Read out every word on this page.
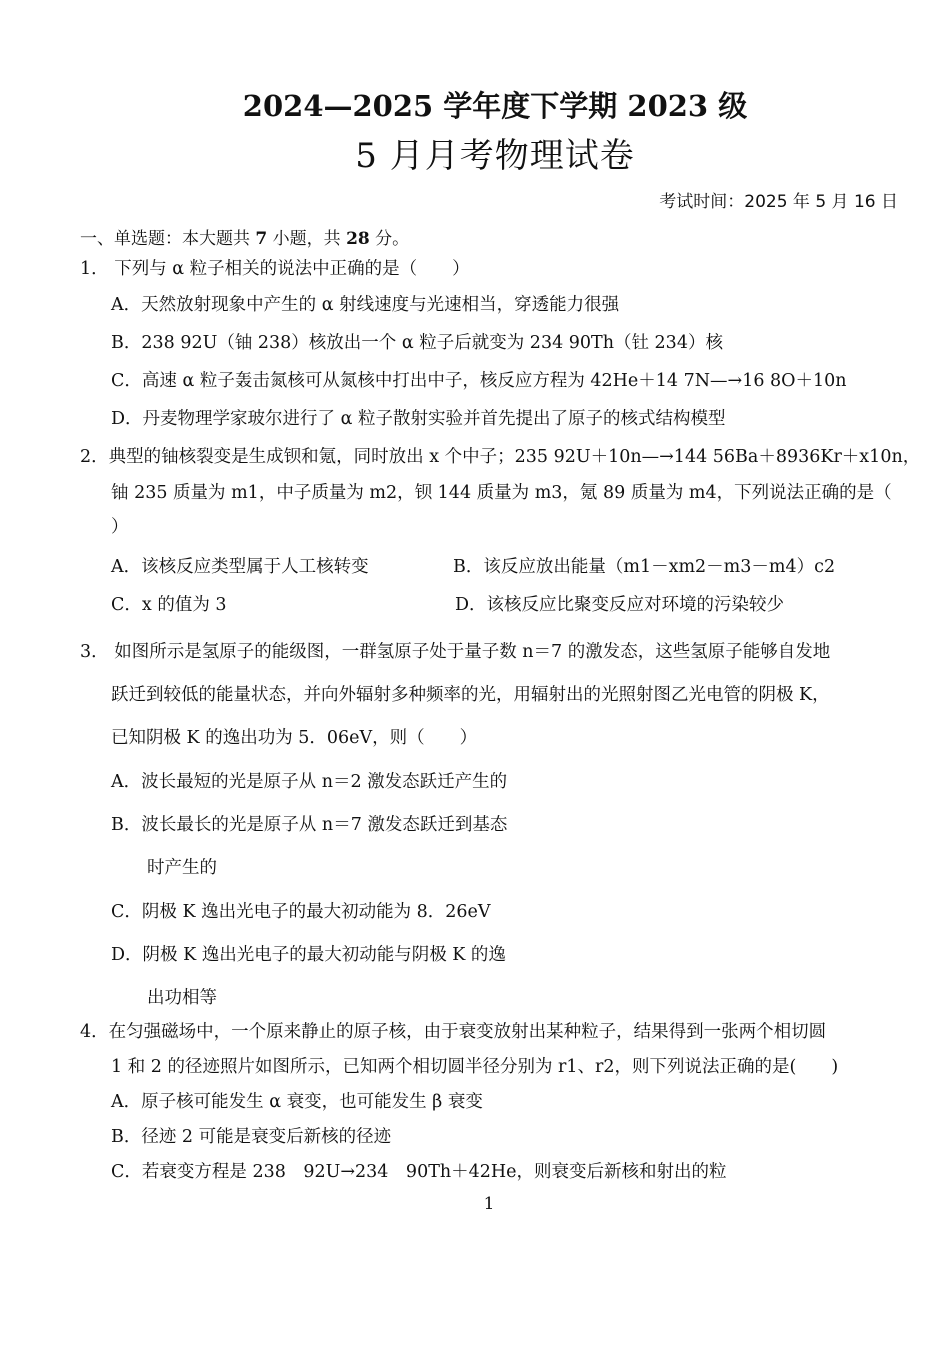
2024—2025 学年度下学期 2023 级
5 月月考物理试卷
考试时间：2025 年 5 月 16 日
一、单选题：本大题共 7 小题，共 28 分。
1． 下列与 α 粒子相关的说法中正确的是（　　）
A．天然放射现象中产生的 α 射线速度与光速相当，穿透能力很强
B．238 92U（铀 238）核放出一个 α 粒子后就变为 234 90Th（钍 234）核
C．高速 α 粒子轰击氮核可从氮核中打出中子，核反应方程为 42He＋14 7N—→16 8O＋10n
D．丹麦物理学家玻尔进行了 α 粒子散射实验并首先提出了原子的核式结构模型
2．典型的铀核裂变是生成钡和氪，同时放出 x 个中子；235 92U＋10n—→144 56Ba＋8936Kr＋x10n，
铀 235 质量为 m1，中子质量为 m2，钡 144 质量为 m3，氪 89 质量为 m4，下列说法正确的是（
）
A．该核反应类型属于人工核转变	B．该反应放出能量（m1－xm2－m3－m4）c2
C．x 的值为 3	D．该核反应比聚变反应对环境的污染较少
3． 如图所示是氢原子的能级图，一群氢原子处于量子数 n＝7 的激发态，这些氢原子能够自发地
跃迁到较低的能量状态，并向外辐射多种频率的光，用辐射出的光照射图乙光电管的阴极 K，
已知阴极 K 的逸出功为 5．06eV，则（　　）
A．波长最短的光是原子从 n＝2 激发态跃迁产生的
B．波长最长的光是原子从 n＝7 激发态跃迁到基态
时产生的
C．阴极 K 逸出光电子的最大初动能为 8．26eV
D．阴极 K 逸出光电子的最大初动能与阴极 K 的逸
出功相等
4．在匀强磁场中，一个原来静止的原子核，由于衰变放射出某种粒子，结果得到一张两个相切圆
1 和 2 的径迹照片如图所示，已知两个相切圆半径分别为 r1、r2，则下列说法正确的是(　　)
A．原子核可能发生 α 衰变，也可能发生 β 衰变
B．径迹 2 可能是衰变后新核的径迹
C．若衰变方程是 238　92U→234　90Th＋42He，则衰变后新核和射出的粒
1
